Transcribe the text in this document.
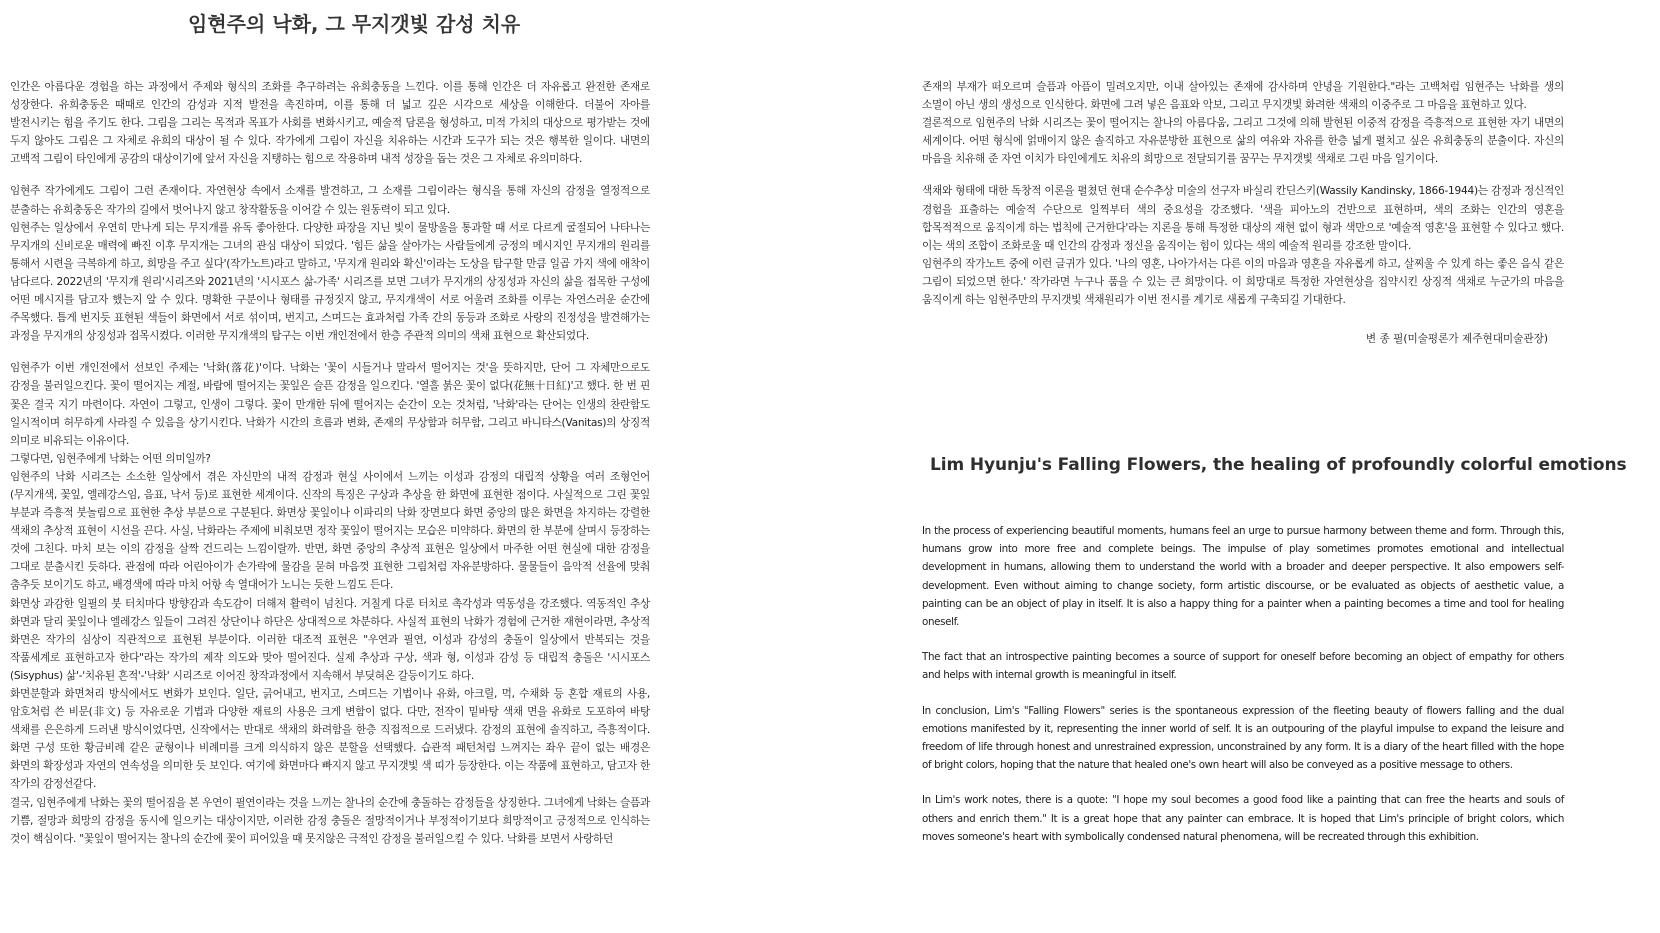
임현주의 낙화, 그 무지갯빛 감성 치유

인간은 아름다운 경험을 하는 과정에서 주제와 형식의 조화를 추구하려는 유희충동을 느낀다. 이를 통해 인간은 더 자유롭고 완전한 존재로 성장한다. 유희충동은 때때로 인간의 감성과 지적 발전을 촉진하며, 이를 통해 더 넓고 깊은 시각으로 세상을 이해한다. 더불어 자아를 발전시키는 힘을 주기도 한다. 그림을 그리는 목적과 목표가 사회를 변화시키고, 예술적 담론을 형성하고, 미적 가치의 대상으로 평가받는 것에 두지 않아도 그림은 그 자체로 유희의 대상이 될 수 있다. 작가에게 그림이 자신을 치유하는 시간과 도구가 되는 것은 행복한 일이다. 내면의 고백적 그림이 타인에게 공감의 대상이기에 앞서 자신을 지탱하는 힘으로 작용하며 내적 성장을 돕는 것은 그 자체로 유의미하다.

임현주 작가에게도 그림이 그런 존재이다. 자연현상 속에서 소재를 발견하고, 그 소재를 그림이라는 형식을 통해 자신의 감정을 열정적으로 분출하는 유희충동은 작가의 길에서 벗어나지 않고 창작활동을 이어갈 수 있는 원동력이 되고 있다.

임현주는 일상에서 우연히 만나게 되는 무지개를 유독 좋아한다. 다양한 파장을 지닌 빛이 물방울을 통과할 때 서로 다르게 굴절되어 나타나는 무지개의 신비로운 매력에 빠진 이후 무지개는 그녀의 관심 대상이 되었다. '힘든 삶을 살아가는 사람들에게 긍정의 메시지인 무지개의 원리를 통해서 시련을 극복하게 하고, 희망을 주고 싶다'(작가노트)라고 말하고, '무지개 원리와 확신'이라는 도상을 탐구할 만큼 일곱 가지 색에 애착이 남다르다. 2022년의 '무지개 원리'시리즈와 2021년의 '시시포스 삶-가족' 시리즈를 보면 그녀가 무지개의 상징성과 자신의 삶을 접목한 구성에 어떤 메시지를 담고자 했는지 알 수 있다. 명확한 구분이나 형태를 규정짓지 않고, 무지개색이 서로 어울려 조화를 이루는 자연스러운 순간에 주목했다. 틈게 번지듯 표현된 색들이 화면에서 서로 섞이며, 번지고, 스며드는 효과처럼 가족 간의 동등과 조화로 사랑의 진정성을 발견해가는 과정을 무지개의 상징성과 접목시켰다. 이러한 무지개색의 탐구는 이번 개인전에서 한층 주관적 의미의 색채 표현으로 확산되었다.

임현주가 이번 개인전에서 선보인 주제는 '낙화(落花)'이다. 낙화는 '꽃이 시들거나 말라서 떨어지는 것'을 뜻하지만, 단어 그 자체만으로도 감정을 불러일으킨다. 꽃이 떨어지는 계절, 바람에 떨어지는 꽃잎은 슬픈 감정을 일으킨다. '열흘 붉은 꽃이 없다(花無十日紅)'고 했다. 한 번 핀 꽃은 결국 지기 마련이다. 자연이 그렇고, 인생이 그렇다. 꽃이 만개한 뒤에 떨어지는 순간이 오는 것처럼, '낙화'라는 단어는 인생의 찬란함도 일시적이며 허무하게 사라질 수 있음을 상기시킨다. 낙화가 시간의 흐름과 변화, 존재의 무상함과 허무함, 그리고 바니타스(Vanitas)의 상징적 의미로 비유되는 이유이다.

그렇다면, 임현주에게 낙화는 어떤 의미일까?

임현주의 낙화 시리즈는 소소한 일상에서 겪은 자신만의 내적 감정과 현실 사이에서 느끼는 이성과 감정의 대립적 상황을 여러 조형언어(무지개색, 꽃잎, 엘레강스임, 음표, 낙서 등)로 표현한 세계이다. 신작의 특징은 구상과 추상을 한 화면에 표현한 점이다. 사실적으로 그린 꽃잎 부분과 즉흥적 붓놀림으로 표현한 추상 부분으로 구분된다. 화면상 꽃잎이나 이파리의 낙화 장면보다 화면 중앙의 많은 화면을 차지하는 강렬한 색채의 추상적 표현이 시선을 끈다. 사실, 낙화라는 주제에 비춰보면 정작 꽃잎이 떨어지는 모습은 미약하다. 화면의 한 부분에 살며시 등장하는 것에 그친다. 마치 보는 이의 감정을 살짝 건드리는 느낌이랄까. 반면, 화면 중앙의 추상적 표현은 일상에서 마주한 어떤 현실에 대한 감정을 그대로 분출시킨 듯하다. 관점에 따라 어린아이가 손가락에 물감을 묻혀 마음껏 표현한 그림처럼 자유분방하다. 물물들이 음악적 선율에 맞춰 춤추듯 보이기도 하고, 배경색에 따라 마치 어항 속 열대어가 노니는 듯한 느낌도 든다.

화면상 과감한 일필의 붓 터치마다 방향감과 속도감이 더해져 활력이 넘친다. 거칠게 다룬 터치로 촉각성과 역동성을 강조했다. 역동적인 추상 화면과 달리 꽃잎이나 엘레강스 잎들이 그려진 상단이나 하단은 상대적으로 차분하다. 사실적 표현의 낙화가 경험에 근거한 재현이라면, 추상적 화면은 작가의 심상이 직관적으로 표현된 부분이다. 이러한 대조적 표현은 "우연과 필연, 이성과 감성의 충돌이 일상에서 반복되는 것을 작품세계로 표현하고자 한다"라는 작가의 제작 의도와 맞아 떨어진다. 실제 추상과 구상, 색과 형, 이성과 감성 등 대립적 충돌은 '시시포스(Sisyphus) 삶'-'치유된 흔적'-'낙화' 시리즈로 이어진 창작과정에서 지속해서 부딪혀온 갈등이기도 하다.

화면분할과 화면처리 방식에서도 변화가 보인다. 일단, 긁어내고, 번지고, 스며드는 기법이나 유화, 아크릴, 먹, 수채화 등 혼합 재료의 사용, 암호처럼 쓴 비문(非文) 등 자유로운 기법과 다양한 재료의 사용은 크게 변함이 없다. 다만, 전작이 밑바탕 색채 면을 유화로 도포하여 바탕 색채를 은은하게 드러낸 방식이었다면, 신작에서는 반대로 색채의 화려함을 한층 직접적으로 드러냈다. 감정의 표현에 솔직하고, 즉흥적이다. 화면 구성 또한 황금비례 같은 균형이나 비례미를 크게 의식하지 않은 분할을 선택했다. 습관적 패턴처럼 느껴지는 좌우 끝이 없는 배경은 화면의 확장성과 자연의 연속성을 의미한 듯 보인다. 여기에 화면마다 빠지지 않고 무지갯빛 색 띠가 등장한다. 이는 작품에 표현하고, 담고자 한 작가의 감정선같다.

결국, 임현주에게 낙화는 꽃의 떨어짐을 본 우연이 필연이라는 것을 느끼는 찰나의 순간에 충돌하는 감정들을 상징한다. 그녀에게 낙화는 슬픔과 기쁨, 절망과 희망의 감정을 동시에 일으키는 대상이지만, 이러한 감정 충돌은 절망적이거나 부정적이기보다 희망적이고 긍정적으로 인식하는 것이 핵심이다. "꽃잎이 떨어지는 찰나의 순간에 꽃이 피어있을 때 못지않은 극적인 감정을 불러일으킬 수 있다. 낙화를 보면서 사랑하던

존재의 부재가 떠오르며 슬픔과 아픔이 밀려오지만, 이내 살아있는 존재에 감사하며 안녕을 기원한다."라는 고백처럼 임현주는 낙화를 생의 소멸이 아닌 생의 생성으로 인식한다. 화면에 그려 넣은 음표와 악보, 그리고 무지갯빛 화려한 색채의 이중주로 그 마음을 표현하고 있다.

결론적으로 임현주의 낙화 시리즈는 꽃이 떨어지는 찰나의 아름다움, 그리고 그것에 의해 발현된 이중적 감정을 즉흥적으로 표현한 자기 내면의 세계이다. 어떤 형식에 얽매이지 않은 솔직하고 자유분방한 표현으로 삶의 여유와 자유를 한층 넓게 펼치고 싶은 유희충동의 분출이다. 자신의 마음을 치유해 준 자연 이치가 타인에게도 치유의 희망으로 전달되기를 꿈꾸는 무지갯빛 색채로 그린 마음 일기이다.

색채와 형태에 대한 독창적 이론을 펼쳤던 현대 순수추상 미술의 선구자 바실리 칸딘스키(Wassily Kandinsky, 1866-1944)는 감정과 정신적인 경험을 표출하는 예술적 수단으로 일찍부터 색의 중요성을 강조했다. '색을 피아노의 건반으로 표현하며, 색의 조화는 인간의 영혼을 합목적적으로 움직이게 하는 법칙에 근거한다'라는 지론을 통해 특정한 대상의 재현 없이 형과 색만으로 '예술적 영혼'을 표현할 수 있다고 했다. 이는 색의 조합이 조화로울 때 인간의 감정과 정신을 움직이는 힘이 있다는 색의 예술적 원리를 강조한 말이다.

임현주의 작가노트 중에 이런 글귀가 있다. '나의 영혼, 나아가서는 다른 이의 마음과 영혼을 자유롭게 하고, 살찌울 수 있게 하는 좋은 음식 같은 그림이 되었으면 한다.' 작가라면 누구나 품을 수 있는 큰 희망이다. 이 희망대로 특정한 자연현상을 집약시킨 상징적 색채로 누군가의 마음을 움직이게 하는 임현주만의 무지갯빛 색채원리가 이번 전시를 계기로 새롭게 구축되길 기대한다.

변 종 필(미술평론가 제주현대미술관장)

Lim Hyunju's Falling Flowers, the healing of profoundly colorful emotions

In the process of experiencing beautiful moments, humans feel an urge to pursue harmony between theme and form. Through this, humans grow into more free and complete beings. The impulse of play sometimes promotes emotional and intellectual development in humans, allowing them to understand the world with a broader and deeper perspective. It also empowers self-development. Even without aiming to change society, form artistic discourse, or be evaluated as objects of aesthetic value, a painting can be an object of play in itself. It is also a happy thing for a painter when a painting becomes a time and tool for healing oneself.

The fact that an introspective painting becomes a source of support for oneself before becoming an object of empathy for others and helps with internal growth is meaningful in itself.

In conclusion, Lim's "Falling Flowers" series is the spontaneous expression of the fleeting beauty of flowers falling and the dual emotions manifested by it, representing the inner world of self. It is an outpouring of the playful impulse to expand the leisure and freedom of life through honest and unrestrained expression, unconstrained by any form. It is a diary of the heart filled with the hope of bright colors, hoping that the nature that healed one's own heart will also be conveyed as a positive message to others.

In Lim's work notes, there is a quote: "I hope my soul becomes a good food like a painting that can free the hearts and souls of others and enrich them." It is a great hope that any painter can embrace. It is hoped that Lim's principle of bright colors, which moves someone's heart with symbolically condensed natural phenomena, will be recreated through this exhibition.
